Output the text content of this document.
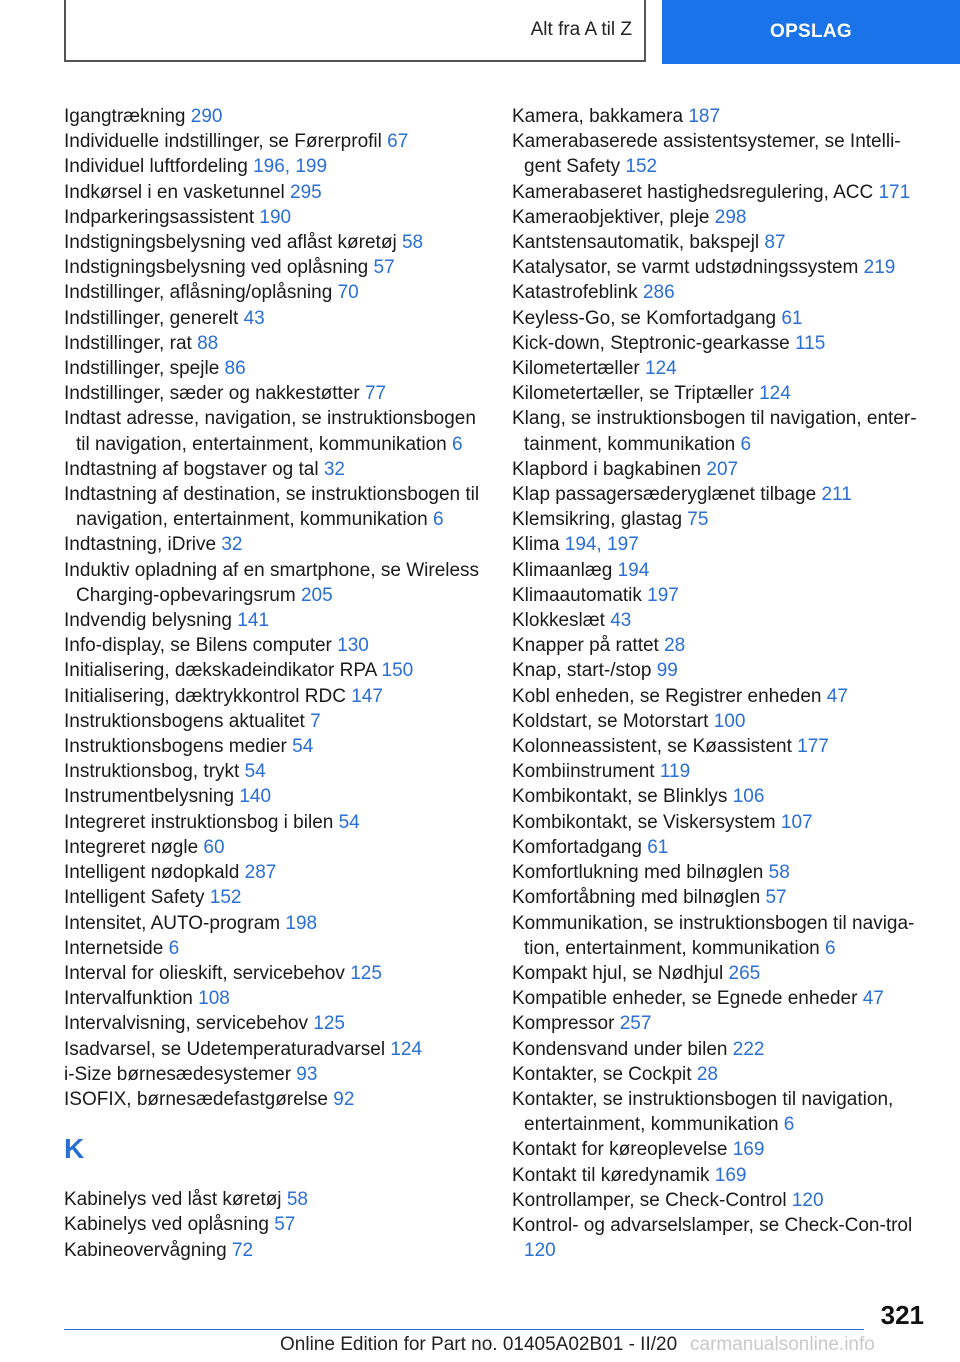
Alt fra A til Z	OPSLAG

Igangtrækning 290

Individuelle indstillinger, se Førerprofil 67

Individuel luftfordeling 196, 199

Indkørsel i en vasketunnel 295

Indparkeringsassistent 190

Indstigningsbelysning ved aflåst køretøj 58

Indstigningsbelysning ved oplåsning 57

Indstillinger, aflåsning/oplåsning 70

Indstillinger, generelt 43

Indstillinger, rat 88

Indstillinger, spejle 86

Indstillinger, sæder og nakkestøtter 77

Indtast adresse, navigation, se instruktionsbogen til navigation, entertainment, kommunikation 6

Indtastning af bogstaver og tal 32

Indtastning af destination, se instruktionsbogen til navigation, entertainment, kommunikation 6

Indtastning, iDrive 32

Induktiv opladning af en smartphone, se Wireless Charging-opbevaringsrum 205

Indvendig belysning 141

Info-display, se Bilens computer 130

Initialisering, dækskadeindikator RPA 150

Initialisering, dæktrykkontrol RDC 147

Instruktionsbogens aktualitet 7

Instruktionsbogens medier 54

Instruktionsbog, trykt 54

Instrumentbelysning 140

Integreret instruktionsbog i bilen 54

Integreret nøgle 60

Intelligent nødopkald 287

Intelligent Safety 152

Intensitet, AUTO-program 198

Internetside 6

Interval for olieskift, servicebehov 125

Intervalfunktion 108

Intervalvisning, servicebehov 125

Isadvarsel, se Udetemperaturadvarsel 124

i-Size børnesædesystemer 93

ISOFIX, børnesædefastgørelse 92

K

Kabinelys ved låst køretøj 58

Kabinelys ved oplåsning 57

Kabineovervågning 72

Kamera, bakkamera 187

Kamerabaserede assistentsystemer, se Intelli-gent Safety 152

Kamerabaseret hastighedsregulering, ACC 171

Kameraobjektiver, pleje 298

Kantstensautomatik, bakspejl 87

Katalysator, se varmt udstødningssystem 219

Katastrofeblink 286

Keyless-Go, se Komfortadgang 61

Kick-down, Steptronic-gearkasse 115

Kilometertæller 124

Kilometertæller, se Triptæller 124

Klang, se instruktionsbogen til navigation, enter-tainment, kommunikation 6

Klapbord i bagkabinen 207

Klap passagersæderyglænet tilbage 211

Klemsikring, glastag 75

Klima 194, 197

Klimaanlæg 194

Klimaautomatik 197

Klokkeslæt 43

Knapper på rattet 28

Knap, start-/stop 99

Kobl enheden, se Registrer enheden 47

Koldstart, se Motorstart 100

Kolonneassistent, se Køassistent 177

Kombiinstrument 119

Kombikontakt, se Blinklys 106

Kombikontakt, se Viskersystem 107

Komfortadgang 61

Komfortlukning med bilnøglen 58

Komfortåbning med bilnøglen 57

Kommunikation, se instruktionsbogen til naviga-tion, entertainment, kommunikation 6

Kompakt hjul, se Nødhjul 265

Kompatible enheder, se Egnede enheder 47

Kompressor 257

Kondensvand under bilen 222

Kontakter, se Cockpit 28

Kontakter, se instruktionsbogen til navigation, entertainment, kommunikation 6

Kontakt for køreoplevelse 169

Kontakt til køredynamik 169

Kontrollamper, se Check-Control 120

Kontrol- og advarselslamper, se Check-Con-trol 120

321
Online Edition for Part no. 01405A02B01 - II/20 carmanualsonline.info
